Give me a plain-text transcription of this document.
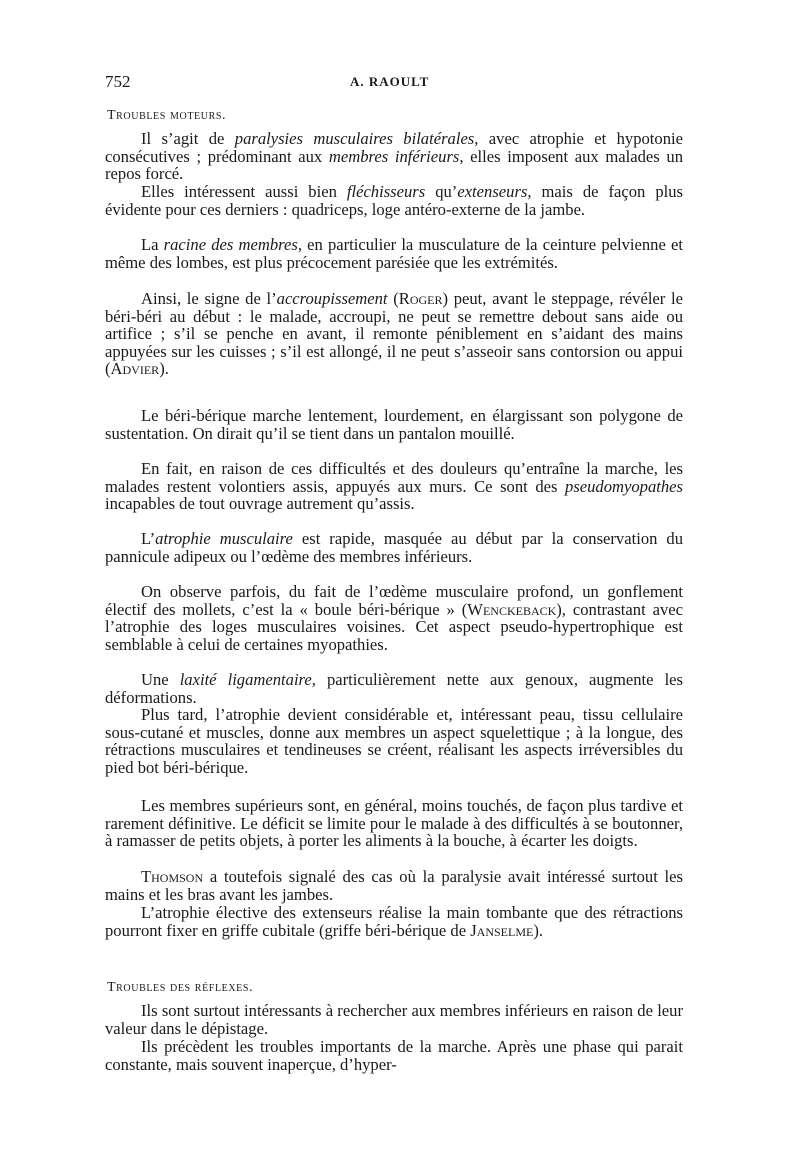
752	A. RAOULT
Troubles moteurs.

Il s’agit de paralysies musculaires bilatérales, avec atrophie et hypotonie consécutives ; prédominant aux membres inférieurs, elles imposent aux malades un repos forcé.

Elles intéressent aussi bien fléchisseurs qu’extenseurs, mais de façon plus évidente pour ces derniers : quadriceps, loge antéro-externe de la jambe.

La racine des membres, en particulier la musculature de la ceinture pelvienne et même des lombes, est plus précocement parésiée que les extrémités.

Ainsi, le signe de l’accroupissement (Roger) peut, avant le steppage, révéler le béri-béri au début : le malade, accroupi, ne peut se remettre debout sans aide ou artifice ; s’il se penche en avant, il remonte péniblement en s’aidant des mains appuyées sur les cuisses ; s’il est allongé, il ne peut s’asseoir sans contorsion ou appui (Advier).

Le béri-bérique marche lentement, lourdement, en élargissant son polygone de sustentation. On dirait qu’il se tient dans un pantalon mouillé.

En fait, en raison de ces difficultés et des douleurs qu’entraîne la marche, les malades restent volontiers assis, appuyés aux murs. Ce sont des pseudomyopathes incapables de tout ouvrage autrement qu’assis.

L’atrophie musculaire est rapide, masquée au début par la conservation du pannicule adipeux ou l’œdème des membres inférieurs.

On observe parfois, du fait de l’œdème musculaire profond, un gonflement électif des mollets, c’est la « boule béri-bérique » (Wenckeback), contrastant avec l’atrophie des loges musculaires voisines. Cet aspect pseudo-hypertrophique est semblable à celui de certaines myopathies.

Une laxité ligamentaire, particulièrement nette aux genoux, augmente les déformations.

Plus tard, l’atrophie devient considérable et, intéressant peau, tissu cellulaire sous-cutané et muscles, donne aux membres un aspect squelettique ; à la longue, des rétractions musculaires et tendineuses se créent, réalisant les aspects irréversibles du pied bot béri-bérique.

Les membres supérieurs sont, en général, moins touchés, de façon plus tardive et rarement définitive. Le déficit se limite pour le malade à des difficultés à se boutonner, à ramasser de petits objets, à porter les aliments à la bouche, à écarter les doigts.

Thomson a toutefois signalé des cas où la paralysie avait intéressé surtout les mains et les bras avant les jambes.

L’atrophie élective des extenseurs réalise la main tombante que des rétractions pourront fixer en griffe cubitale (griffe béri-bérique de Janselme).

Troubles des réflexes.

Ils sont surtout intéressants à rechercher aux membres inférieurs en raison de leur valeur dans le dépistage.

Ils précèdent les troubles importants de la marche. Après une phase qui parait constante, mais souvent inaperçue, d’hyper-
